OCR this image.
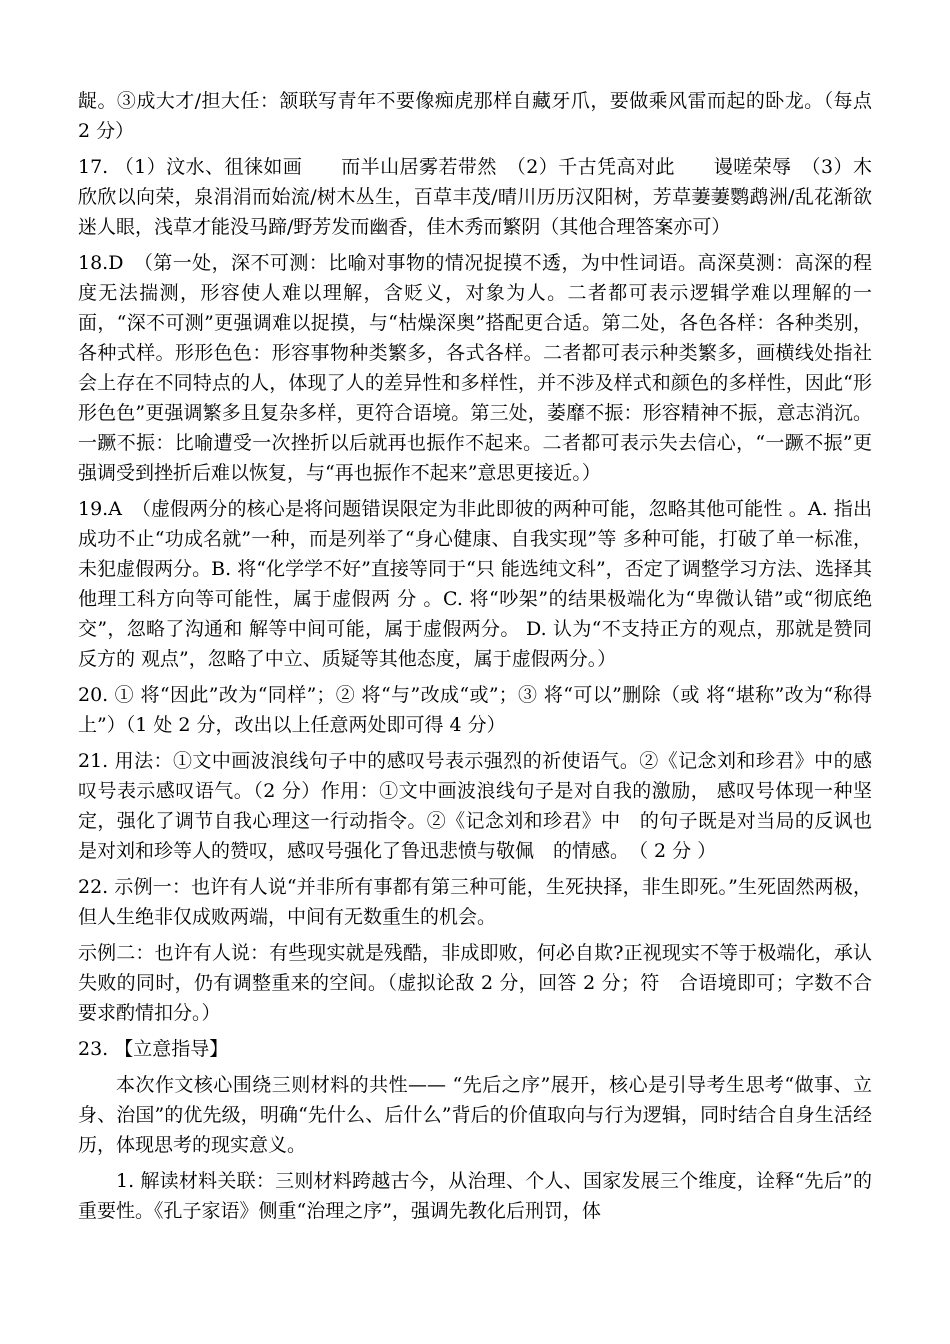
龊。③成大才/担大任：颔联写青年不要像痴虎那样自藏牙爪，要做乘风雷而起的卧龙。（每点 2 分）

17. （1）汶水、徂徕如画　　而半山居雾若带然　（2）千古凭高对此　　谩嗟荣辱　（3）木欣欣以向荣，泉涓涓而始流/树木丛生，百草丰茂/晴川历历汉阳树，芳草萋萋鹦鹉洲/乱花渐欲迷人眼，浅草才能没马蹄/野芳发而幽香，佳木秀而繁阴（其他合理答案亦可）

18.D　（第一处，深不可测：比喻对事物的情况捉摸不透，为中性词语。高深莫测：高深的程度无法揣测，形容使人难以理解，含贬义，对象为人。二者都可表示逻辑学难以理解的一面，“深不可测”更强调难以捉摸，与“枯燥深奥”搭配更合适。第二处，各色各样：各种类别，各种式样。形形色色：形容事物种类繁多，各式各样。二者都可表示种类繁多，画横线处指社会上存在不同特点的人，体现了人的差异性和多样性，并不涉及样式和颜色的多样性，因此“形形色色”更强调繁多且复杂多样，更符合语境。第三处，萎靡不振：形容精神不振，意志消沉。 一蹶不振：比喻遭受一次挫折以后就再也振作不起来。二者都可表示失去信心，“一蹶不振”更强调受到挫折后难以恢复，与“再也振作不起来”意思更接近。）

19.A　（虚假两分的核心是将问题错误限定为非此即彼的两种可能，忽略其他可能性 。A. 指出成功不止“功成名就”一种，而是列举了“身心健康、自我实现”等 多种可能，打破了单一标准，未犯虚假两分。B. 将“化学学不好”直接等同于“只 能选纯文科”，否定了调整学习方法、选择其他理工科方向等可能性，属于虚假两 分 。C. 将“吵架”的结果极端化为“卑微认错”或“彻底绝交”，忽略了沟通和 解等中间可能，属于虚假两分。 D. 认为“不支持正方的观点，那就是赞同反方的 观点”，忽略了中立、质疑等其他态度，属于虚假两分。）

20. ① 将“因此”改为“同样”；② 将“与”改成“或”；③ 将“可以”删除（或 将“堪称”改为“称得上”）（1 处 2 分，改出以上任意两处即可得 4 分）

21. 用法：①文中画波浪线句子中的感叹号表示强烈的祈使语气。②《记念刘和珍君》中的感叹号表示感叹语气。（2 分）作用：①文中画波浪线句子是对自我的激励， 感叹号体现一种坚定，强化了调节自我心理这一行动指令。②《记念刘和珍君》中　的句子既是对当局的反讽也是对刘和珍等人的赞叹，感叹号强化了鲁迅悲愤与敬佩　的情感。　（ 2 分 ）

22. 示例一：也许有人说“并非所有事都有第三种可能，生死抉择，非生即死。”生死固然两极，但人生绝非仅成败两端，中间有无数重生的机会。

示例二：也许有人说：有些现实就是残酷，非成即败，何必自欺?正视现实不等于极端化，承认失败的同时，仍有调整重来的空间。（虚拟论敌 2 分，回答 2 分；符　合语境即可；字数不合要求酌情扣分。）

23. 【立意指导】

本次作文核心围绕三则材料的共性—— “先后之序”展开，核心是引导考生思考“做事、立身、治国”的优先级，明确“先什么、后什么”背后的价值取向与行为逻辑，同时结合自身生活经历，体现思考的现实意义。

1. 解读材料关联：三则材料跨越古今，从治理、个人、国家发展三个维度，诠释“先后”的重要性。《孔子家语》侧重“治理之序”，强调先教化后刑罚，体
